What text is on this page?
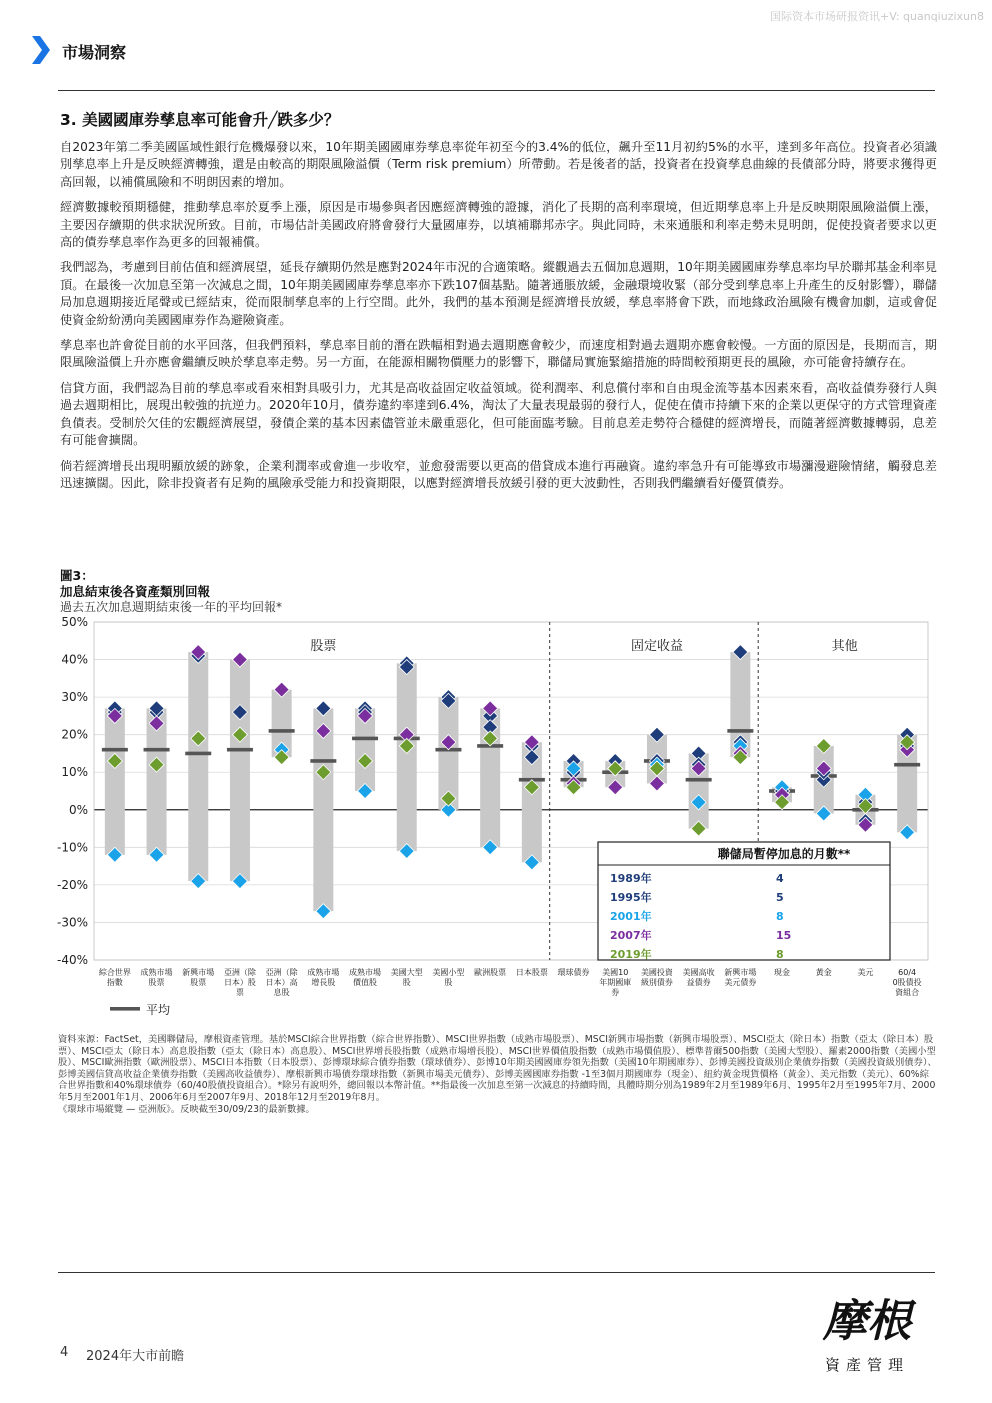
国际资本市场研报资讯+V: quanqiuzixun8
市場洞察
3. 美國國庫券孳息率可能會升╱跌多少？

自2023年第二季美國區域性銀行危機爆發以來，10年期美國國庫券孳息率從年初至今的3.4%的低位，飆升至11月初約5%的水平，達到多年高位。投資者必須識別孳息率上升是反映經濟轉強，還是由較高的期限風險溢價（Term risk premium）所帶動。若是後者的話，投資者在投資孳息曲線的長債部分時，將要求獲得更高回報，以補償風險和不明朗因素的增加。

經濟數據較預期穩健，推動孳息率於夏季上漲，原因是市場參與者因應經濟轉強的證據，消化了長期的高利率環境，但近期孳息率上升是反映期限風險溢價上漲，主要因存續期的供求狀況所致。目前，市場估計美國政府將會發行大量國庫券，以填補聯邦赤字。與此同時，未來通脹和利率走勢未見明朗，促使投資者要求以更高的債券孳息率作為更多的回報補償。

我們認為，考慮到目前估值和經濟展望，延長存續期仍然是應對2024年市況的合適策略。縱觀過去五個加息週期，10年期美國國庫券孳息率均早於聯邦基金利率見頂。在最後一次加息至第一次減息之間，10年期美國國庫券孳息率亦下跌107個基點。隨著通脹放緩，金融環境收緊（部分受到孳息率上升產生的反射影響），聯儲局加息週期接近尾聲或已經結束，從而限制孳息率的上行空間。此外，我們的基本預測是經濟增長放緩，孳息率將會下跌，而地緣政治風險有機會加劇，這或會促使資金紛紛湧向美國國庫券作為避險資產。

孳息率也許會從目前的水平回落，但我們預料，孳息率目前的潛在跌幅相對過去週期應會較少，而速度相對過去週期亦應會較慢。一方面的原因是，長期而言，期限風險溢價上升亦應會繼續反映於孳息率走勢。另一方面，在能源相關物價壓力的影響下，聯儲局實施緊縮措施的時間較預期更長的風險，亦可能會持續存在。

信貸方面，我們認為目前的孳息率或看來相對具吸引力，尤其是高收益固定收益領域。從利潤率、利息償付率和自由現金流等基本因素來看，高收益債券發行人與過去週期相比，展現出較強的抗逆力。2020年10月，債券違約率達到6.4%，淘汰了大量表現最弱的發行人，促使在債市持續下來的企業以更保守的方式管理資產負債表。受制於欠佳的宏觀經濟展望，發債企業的基本因素儘管並未嚴重惡化，但可能面臨考驗。目前息差走勢符合穩健的經濟增長，而隨著經濟數據轉弱，息差有可能會擴闊。

倘若經濟增長出現明顯放緩的跡象，企業利潤率或會進一步收窄，並愈發需要以更高的借貸成本進行再融資。違約率急升有可能導致市場瀰漫避險情緒，觸發息差迅速擴闊。因此，除非投資者有足夠的風險承受能力和投資期限，以應對經濟增長放緩引發的更大波動性，否則我們繼續看好優質債券。

圖3：
加息結束後各資產類別回報
過去五次加息週期結束後一年的平均回報*
50%
40%
30%
20%
10%
0%
-10%
-20%
-30%
-40%
股票	固定收益	其他
綜合世界
指數
成熟市場
股票
新興市場
股票
亞洲（除
日本）股
票
亞洲（除
日本）高
息股
成熟市場
增長股
成熟市場
價值股
美國大型
股
美國小型
股
歐洲股票 日本股票 環球債券 美國10
年期國庫
券
美國投資
級別債券
美國高收
益債券
新興市場
美元債券
現金	黃金	美元	60/4
0股債投
資組合
平均
聯儲局暫停加息的月數**
1989年	4
1995年	5
2001年	8
2007年	15
2019年	8
資料來源：FactSet，美國聯儲局，摩根資產管理。基於MSCI綜合世界指數（綜合世界指數）、MSCI世界指數（成熟市場股票）、MSCI新興市場指數（新興市場股票）、MSCI亞太（除日本）指數（亞太（除日本）股票）、MSCI亞太（除日本）高息股指數（亞太（除日本）高息股）、MSCI世界增長股指數（成熟市場增長股）、MSCI世界價值股指數（成熟市場價值股）、標準普爾500指數（美國大型股）、羅素2000指數（美國小型股）、MSCI歐洲指數（歐洲股票）、MSCI日本指數（日本股票）、彭博環球綜合債券指數（環球債券）、彭博10年期美國國庫券領先指數（美國10年期國庫券）、彭博美國投資級別企業債券指數（美國投資級別債券）、彭博美國信貸高收益企業債券指數（美國高收益債券）、摩根新興市場債券環球指數（新興市場美元債券）、彭博美國國庫券指數 -1至3個月期國庫券（現金）、紐約黃金現貨價格（黃金）、美元指數（美元）、60%綜合世界指數和40%環球債券（60/40股債投資組合）。*除另有說明外，總回報以本幣計值。**指最後一次加息至第一次減息的持續時間，具體時期分別為1989年2月至1989年6月、1995年2月至1995年7月、2000年5月至2001年1月、2006年6月至2007年9月、2018年12月至2019年8月。
《環球市場縱覽 — 亞洲版》。反映截至30/09/23的最新數據。
4 2024年大市前瞻
摩根
資產管理
